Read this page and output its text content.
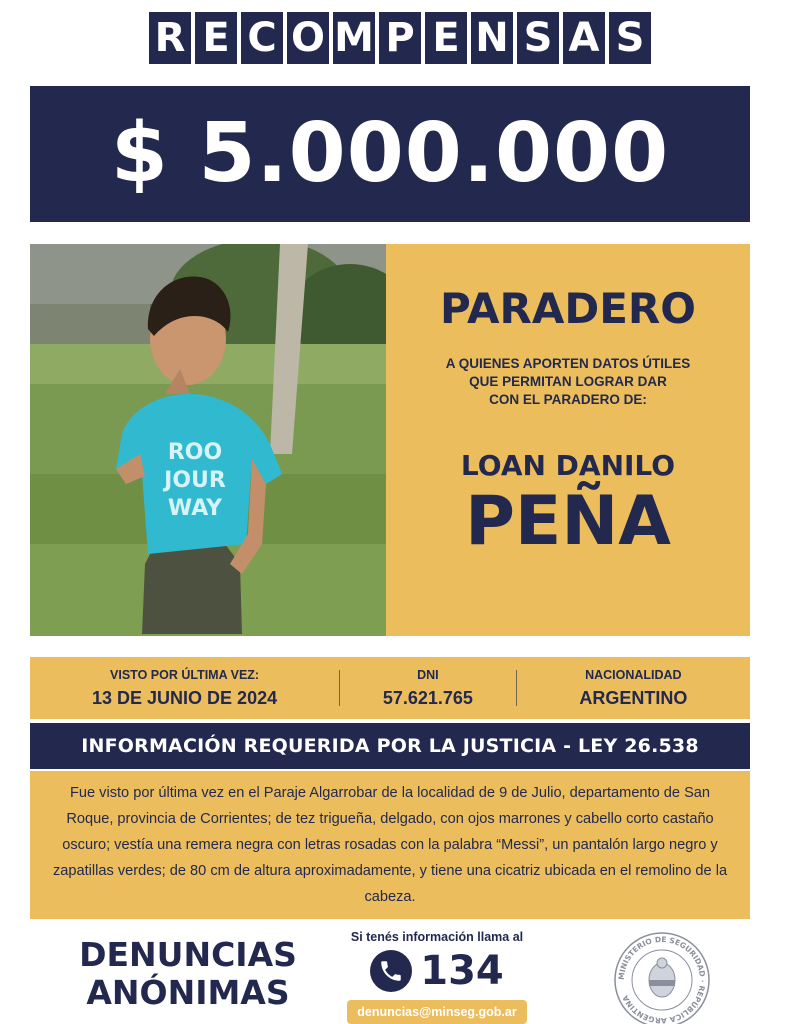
R E C O M P E N S A S
$ 5.000.000
ROO
JOUR
WAY
PARADERO
A QUIENES APORTEN DATOS ÚTILES
QUE PERMITAN LOGRAR DAR
CON EL PARADERO DE:
LOAN DANILO
PEÑA
VISTO POR ÚLTIMA VEZ:
13 DE JUNIO DE 2024
DNI
57.621.765
NACIONALIDAD
ARGENTINO
INFORMACIÓN REQUERIDA POR LA JUSTICIA - LEY 26.538
Fue visto por última vez en el Paraje Algarrobar de la localidad de 9 de Julio, departamento de San Roque, provincia de Corrientes; de tez trigueña, delgado, con ojos marrones y cabello corto castaño oscuro; vestía una remera negra con letras rosadas con la palabra “Messi”, un pantalón largo negro y zapatillas verdes; de 80 cm de altura aproximadamente, y tiene una cicatriz ubicada en el remolino de la cabeza.
DENUNCIAS
ANÓNIMAS
Si tenés información llama al
134
denuncias@minseg.gob.ar
MINISTERIO DE SEGURIDAD · REPÚBLICA ARGENTINA
